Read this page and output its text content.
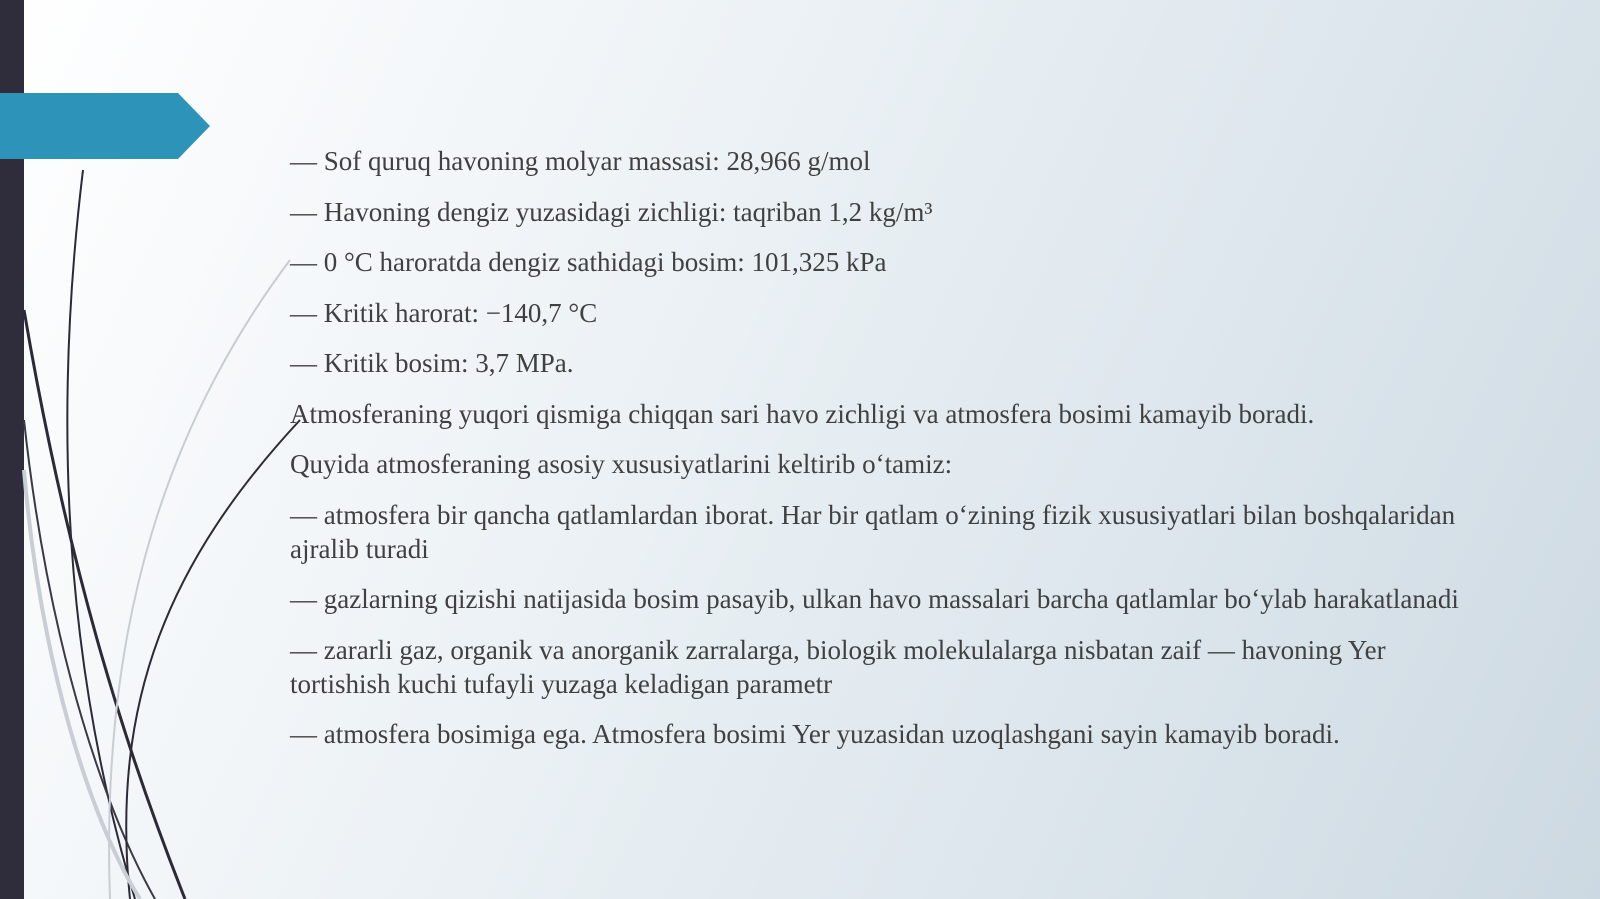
— Sof quruq havoning molyar massasi: 28,966 g/mol

— Havoning dengiz yuzasidagi zichligi: taqriban 1,2 kg/m³

— 0 °C haroratda dengiz sathidagi bosim: 101,325 kPa

— Kritik harorat: −140,7 °C

— Kritik bosim: 3,7 MPa.

Atmosferaning yuqori qismiga chiqqan sari havo zichligi va atmosfera bosimi kamayib boradi.

Quyida atmosferaning asosiy xususiyatlarini keltirib o‘tamiz:

— atmosfera bir qancha qatlamlardan iborat. Har bir qatlam o‘zining fizik xususiyatlari bilan boshqalaridan ajralib turadi

— gazlarning qizishi natijasida bosim pasayib, ulkan havo massalari barcha qatlamlar bo‘ylab harakatlanadi

— zararli gaz, organik va anorganik zarralarga, biologik molekulalarga nisbatan zaif — havoning Yer tortishish kuchi tufayli yuzaga keladigan parametr

— atmosfera bosimiga ega. Atmosfera bosimi Yer yuzasidan uzoqlashgani sayin kamayib boradi.
